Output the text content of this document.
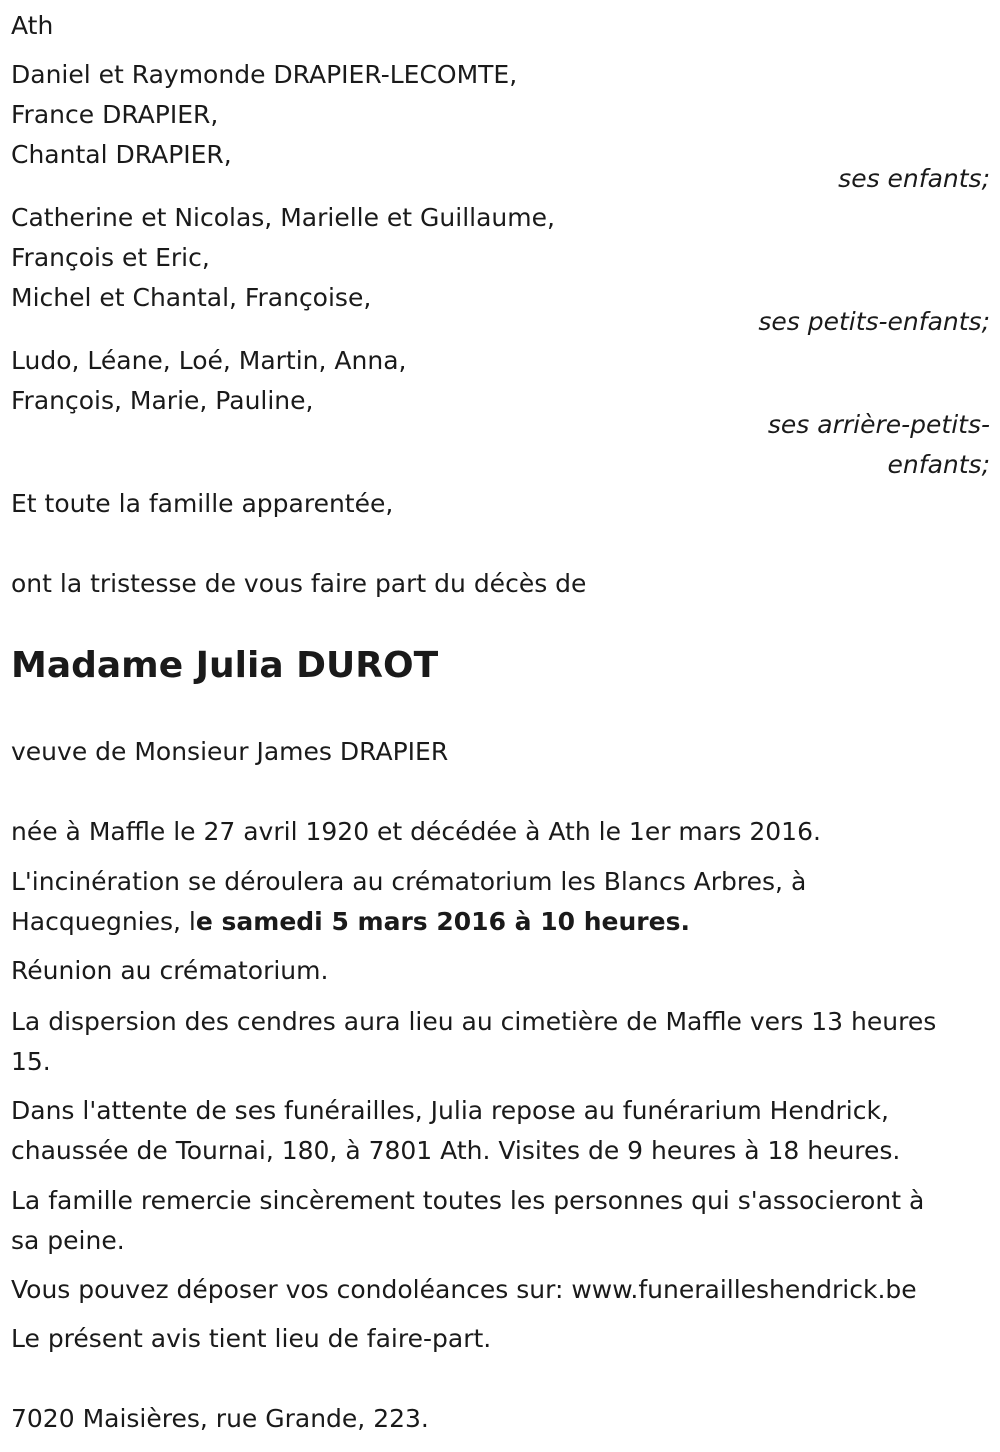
Ath
Daniel et Raymonde DRAPIER-LECOMTE,
France DRAPIER,
Chantal DRAPIER,
ses enfants;
Catherine et Nicolas, Marielle et Guillaume,
François et Eric,
Michel et Chantal, Françoise,
ses petits-enfants;
Ludo, Léane, Loé, Martin, Anna,
François, Marie, Pauline,
ses arrière-petits-
enfants;
Et toute la famille apparentée,
ont la tristesse de vous faire part du décès de
Madame Julia DUROT
veuve de Monsieur James DRAPIER
née à Maffle le 27 avril 1920 et décédée à Ath le 1er mars 2016.
L'incinération se déroulera au crématorium les Blancs Arbres, à
Hacquegnies, le samedi 5 mars 2016 à 10 heures.
Réunion au crématorium.
La dispersion des cendres aura lieu au cimetière de Maffle vers 13 heures
15.
Dans l'attente de ses funérailles, Julia repose au funérarium Hendrick,
chaussée de Tournai, 180, à 7801 Ath. Visites de 9 heures à 18 heures.
La famille remercie sincèrement toutes les personnes qui s'associeront à
sa peine.
Vous pouvez déposer vos condoléances sur: www.funerailleshendrick.be
Le présent avis tient lieu de faire-part.
7020 Maisières, rue Grande, 223.
